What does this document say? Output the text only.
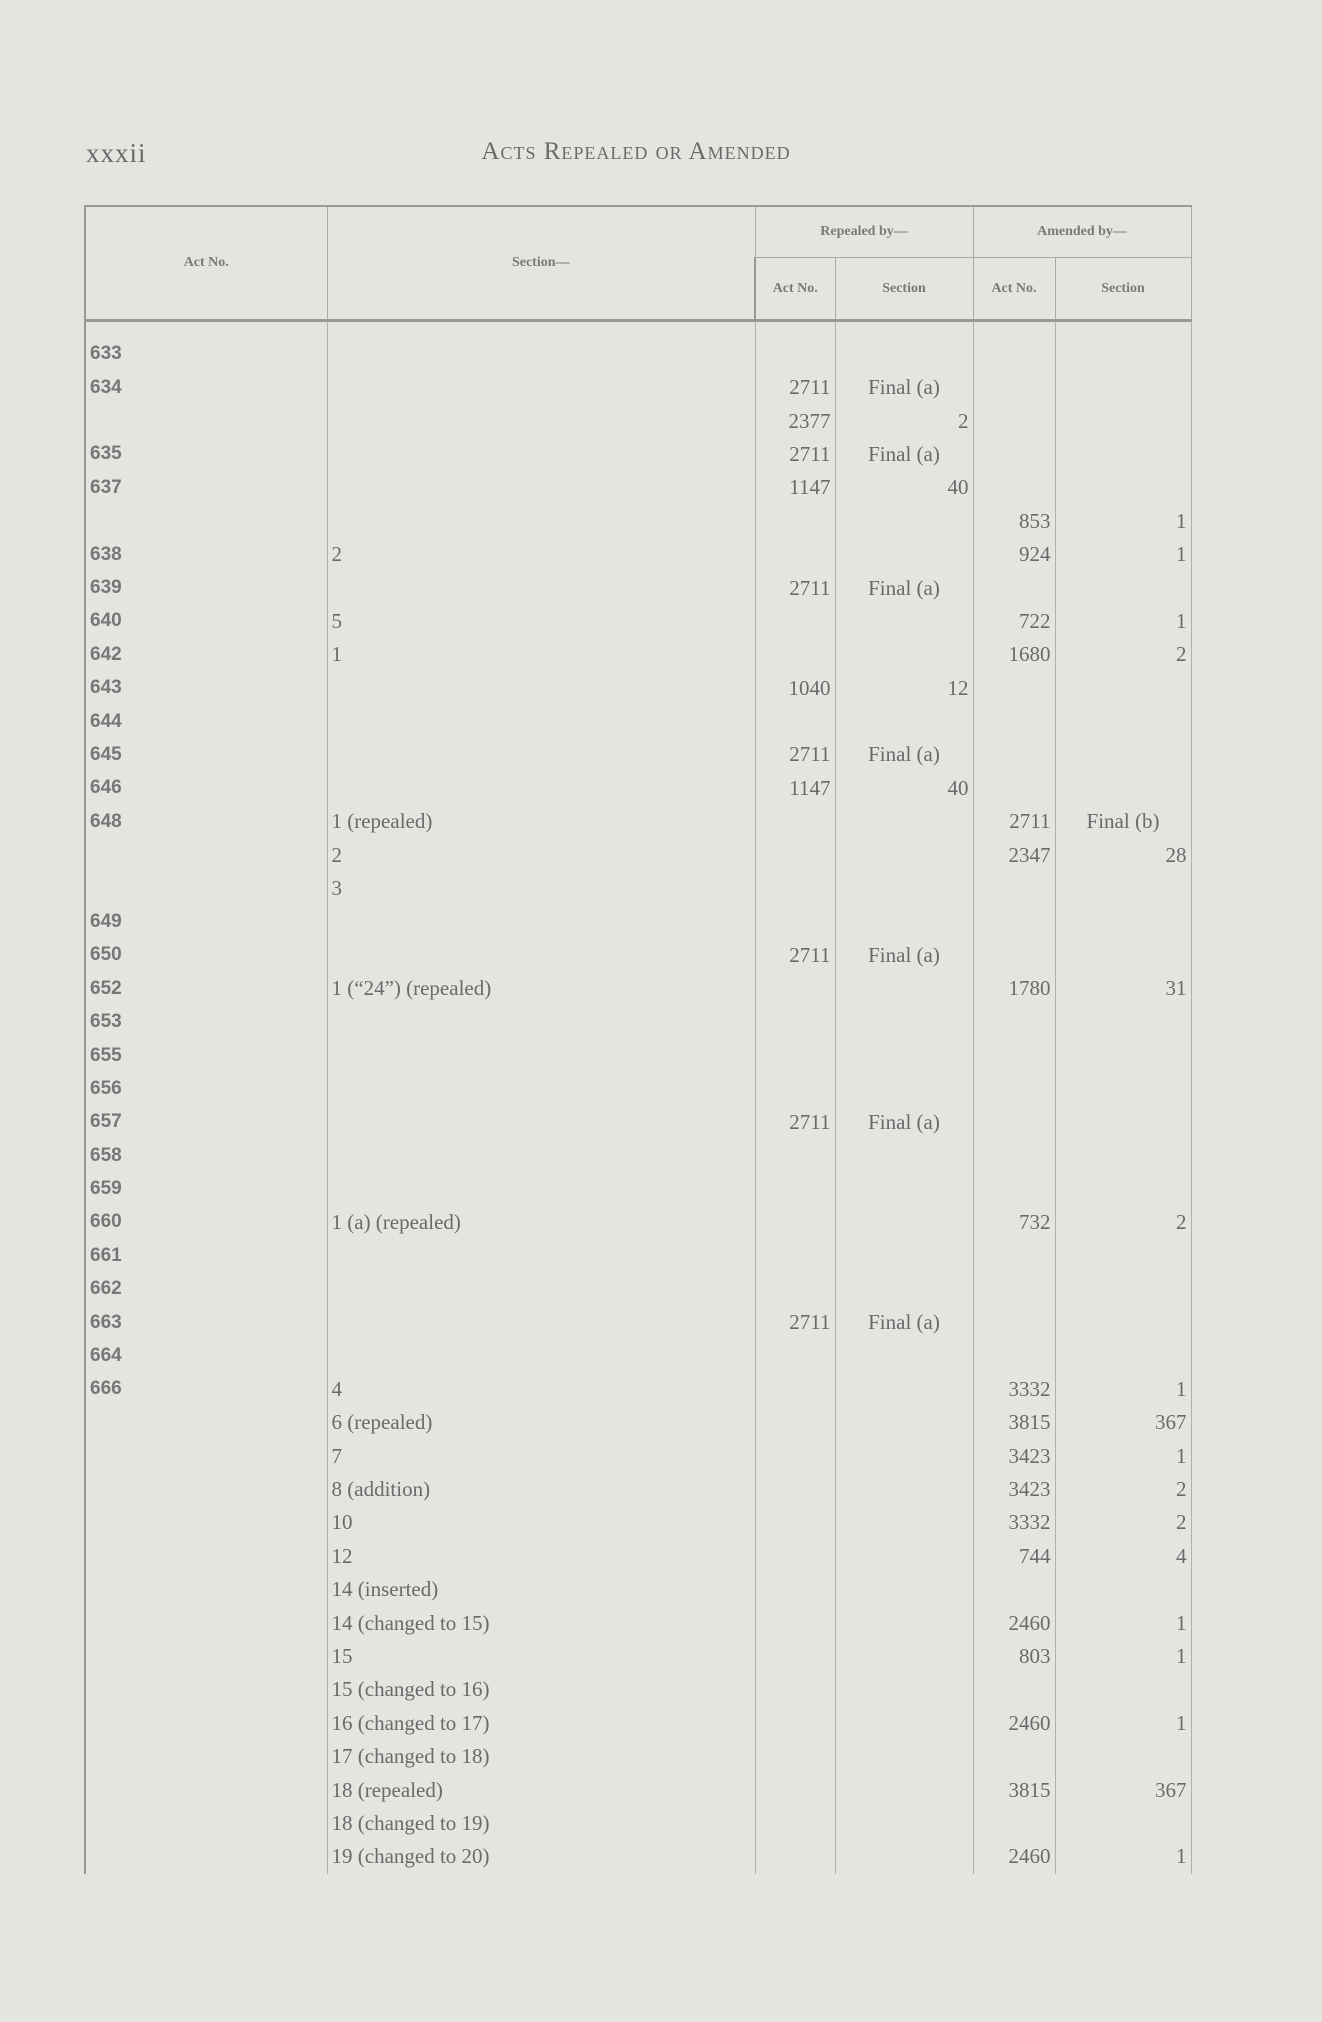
xxxii	Acts Repealed or Amended
Act No.	Section—	Repealed by—		Amended by—	
		Act No.	Section	Act No.	Section
633					
634		2711	Final (a)		
		2377	2		
635		2711	Final (a)		
637		1147	40		
				853	1
638	2			924	1
639		2711	Final (a)		
640	5			722	1
642	1			1680	2
643		1040	12		
644					
645		2711	Final (a)		
646		1147	40		
648	1 (repealed)			2711	Final (b)
	2			2347	28
	3				
649					
650		2711	Final (a)		
652	1 (“24”) (repealed)			1780	31
653					
655					
656					
657		2711	Final (a)		
658					
659					
660	1 (a) (repealed)			732	2
661					
662					
663		2711	Final (a)		
664					
666	4			3332	1
	6 (repealed)			3815	367
	7			3423	1
	8 (addition)			3423	2
	10			3332	2
	12			744	4
	14 (inserted)				
	14 (changed to 15)			2460	1
	15			803	1
	15 (changed to 16)				
	16 (changed to 17)			2460	1
	17 (changed to 18)				
	18 (repealed)			3815	367
	18 (changed to 19)				
	19 (changed to 20)			2460	1
